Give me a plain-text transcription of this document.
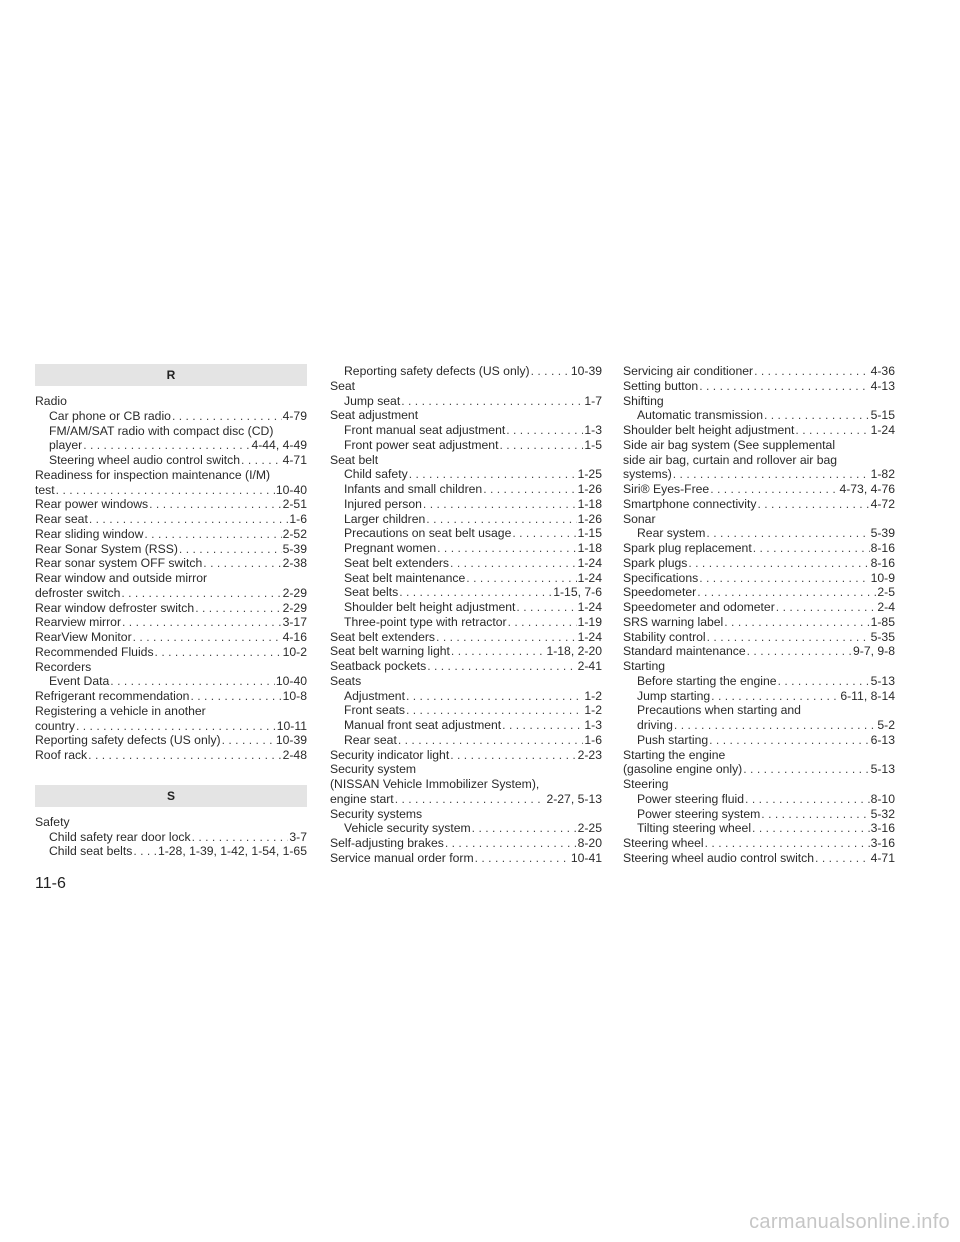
R
Radio
Car phone or CB radio .....	4-79
FM/AM/SAT radio with compact disc (CD)
player .....	4-44, 4-49
Steering wheel audio control switch .....	4-71
Readiness for inspection maintenance (I/M)
test .....	10-40
Rear power windows .....	2-51
Rear seat .....	1-6
Rear sliding window .....	2-52
Rear Sonar System (RSS) .....	5-39
Rear sonar system OFF switch .....	2-38
Rear window and outside mirror
defroster switch .....	2-29
Rear window defroster switch .....	2-29
Rearview mirror .....	3-17
RearView Monitor .....	4-16
Recommended Fluids .....	10-2
Recorders
Event Data .....	10-40
Refrigerant recommendation .....	10-8
Registering a vehicle in another
country .....	10-11
Reporting safety defects (US only) .....	10-39
Roof rack .....	2-48
S
Safety
Child safety rear door lock .....	3-7
Child seat belts ..... 1-28, 1-39, 1-42, 1-54, 1-65
Reporting safety defects (US only) .....	10-39
Seat
Jump seat .....	1-7
Seat adjustment
Front manual seat adjustment .....	1-3
Front power seat adjustment .....	1-5
Seat belt
Child safety .....	1-25
Infants and small children .....	1-26
Injured person .....	1-18
Larger children .....	1-26
Precautions on seat belt usage .....	1-15
Pregnant women .....	1-18
Seat belt extenders .....	1-24
Seat belt maintenance .....	1-24
Seat belts .....	1-15, 7-6
Shoulder belt height adjustment .....	1-24
Three-point type with retractor .....	1-19
Seat belt extenders .....	1-24
Seat belt warning light .....	1-18, 2-20
Seatback pockets .....	2-41
Seats
Adjustment .....	1-2
Front seats .....	1-2
Manual front seat adjustment .....	1-3
Rear seat .....	1-6
Security indicator light .....	2-23
Security system
(NISSAN Vehicle Immobilizer System),
engine start .....	2-27, 5-13
Security systems
Vehicle security system .....	2-25
Self-adjusting brakes .....	8-20
Service manual order form .....	10-41
Servicing air conditioner .....	4-36
Setting button .....	4-13
Shifting
Automatic transmission .....	5-15
Shoulder belt height adjustment .....	1-24
Side air bag system (See supplemental
side air bag, curtain and rollover air bag
systems) .....	1-82
Siri® Eyes-Free .....	4-73, 4-76
Smartphone connectivity .....	4-72
Sonar
Rear system .....	5-39
Spark plug replacement .....	8-16
Spark plugs .....	8-16
Specifications .....	10-9
Speedometer .....	2-5
Speedometer and odometer .....	2-4
SRS warning label .....	1-85
Stability control .....	5-35
Standard maintenance .....	9-7, 9-8
Starting
Before starting the engine .....	5-13
Jump starting .....	6-11, 8-14
Precautions when starting and
driving .....	5-2
Push starting .....	6-13
Starting the engine
(gasoline engine only) .....	5-13
Steering
Power steering fluid .....	8-10
Power steering system .....	5-32
Tilting steering wheel .....	3-16
Steering wheel .....	3-16
Steering wheel audio control switch .....	4-71
11-6
carmanualsonline.info
